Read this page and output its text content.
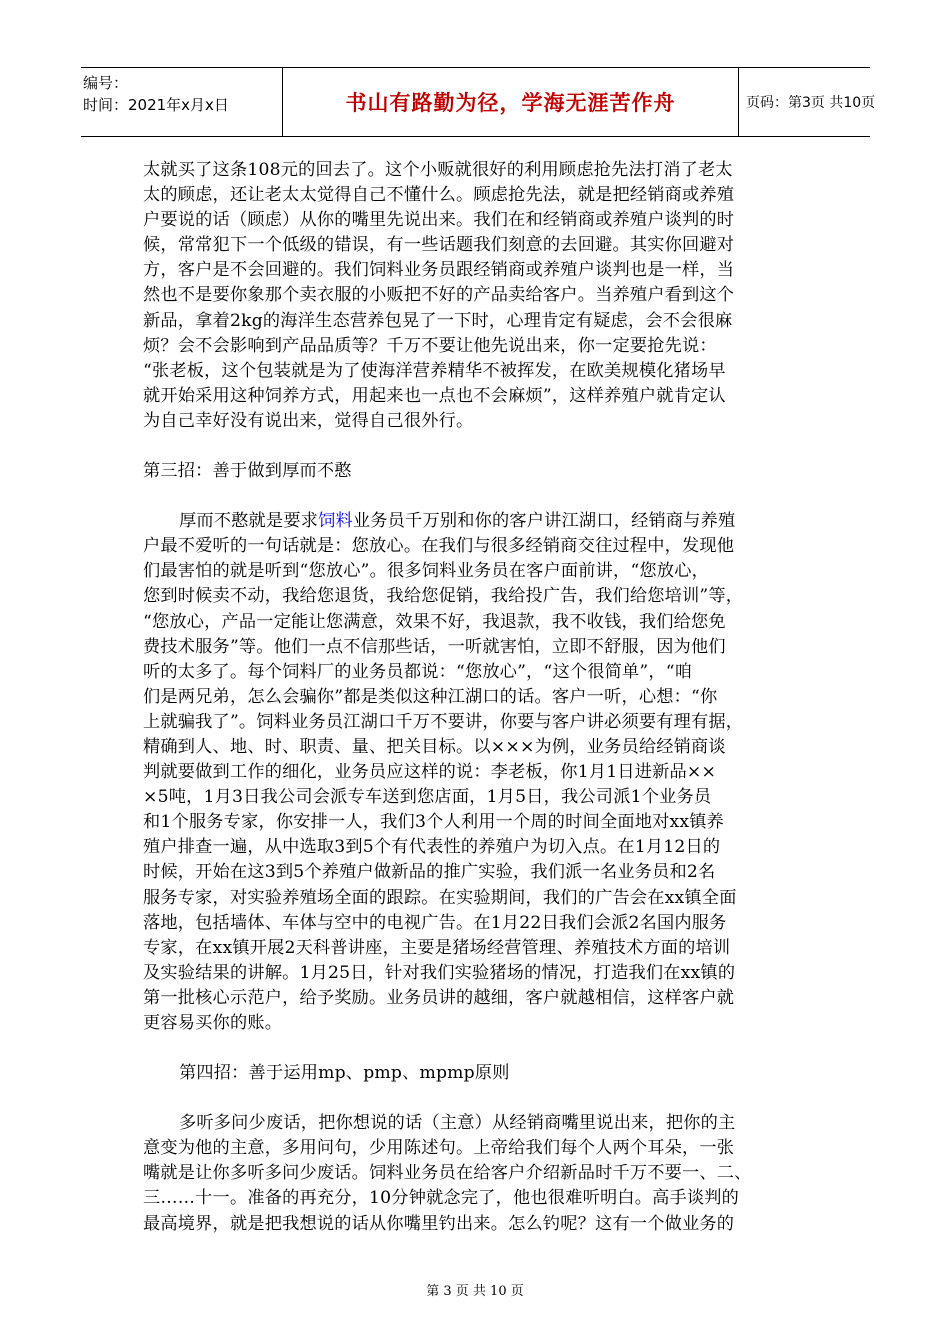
编号：
时间：2021年x月x日	书山有路勤为径，学海无涯苦作舟	页码：第3页 共10页
太就买了这条108元的回去了。这个小贩就很好的利用顾虑抢先法打消了老太
太的顾虑，还让老太太觉得自己不懂什么。顾虑抢先法，就是把经销商或养殖
户要说的话（顾虑）从你的嘴里先说出来。我们在和经销商或养殖户谈判的时
候，常常犯下一个低级的错误，有一些话题我们刻意的去回避。其实你回避对
方，客户是不会回避的。我们饲料业务员跟经销商或养殖户谈判也是一样，当
然也不是要你象那个卖衣服的小贩把不好的产品卖给客户。当养殖户看到这个
新品，拿着2kg的海洋生态营养包晃了一下时，心理肯定有疑虑，会不会很麻
烦？会不会影响到产品品质等？千万不要让他先说出来，你一定要抢先说：
“张老板，这个包装就是为了使海洋营养精华不被挥发，在欧美规模化猪场早
就开始采用这种饲养方式，用起来也一点也不会麻烦”，这样养殖户就肯定认
为自己幸好没有说出来，觉得自己很外行。
第三招：善于做到厚而不憨
厚而不憨就是要求饲料业务员千万别和你的客户讲江湖口，经销商与养殖
户最不爱听的一句话就是：您放心。在我们与很多经销商交往过程中，发现他
们最害怕的就是听到“您放心”。很多饲料业务员在客户面前讲，“您放心，
您到时候卖不动，我给您退货，我给您促销，我给投广告，我们给您培训”等，
“您放心，产品一定能让您满意，效果不好，我退款，我不收钱，我们给您免
费技术服务”等。他们一点不信那些话，一听就害怕，立即不舒服，因为他们
听的太多了。每个饲料厂的业务员都说：“您放心”，“这个很简单”，“咱
们是两兄弟，怎么会骗你”都是类似这种江湖口的话。客户一听，心想：“你
上就骗我了”。饲料业务员江湖口千万不要讲，你要与客户讲必须要有理有据，
精确到人、地、时、职责、量、把关目标。以×××为例，业务员给经销商谈
判就要做到工作的细化，业务员应这样的说：李老板，你1月1日进新品××
×5吨，1月3日我公司会派专车送到您店面，1月5日，我公司派1个业务员
和1个服务专家，你安排一人，我们3个人利用一个周的时间全面地对xx镇养
殖户排查一遍，从中选取3到5个有代表性的养殖户为切入点。在1月12日的
时候，开始在这3到5个养殖户做新品的推广实验，我们派一名业务员和2名
服务专家，对实验养殖场全面的跟踪。在实验期间，我们的广告会在xx镇全面
落地，包括墙体、车体与空中的电视广告。在1月22日我们会派2名国内服务
专家，在xx镇开展2天科普讲座，主要是猪场经营管理、养殖技术方面的培训
及实验结果的讲解。1月25日，针对我们实验猪场的情况，打造我们在xx镇的
第一批核心示范户，给予奖励。业务员讲的越细，客户就越相信，这样客户就
更容易买你的账。
第四招：善于运用mp、pmp、mpmp原则
多听多问少废话，把你想说的话（主意）从经销商嘴里说出来，把你的主
意变为他的主意，多用问句，少用陈述句。上帝给我们每个人两个耳朵，一张
嘴就是让你多听多问少废话。饲料业务员在给客户介绍新品时千万不要一、二、
三……十一。准备的再充分，10分钟就念完了，他也很难听明白。高手谈判的
最高境界，就是把我想说的话从你嘴里钓出来。怎么钓呢？这有一个做业务的
第 3 页 共 10 页
